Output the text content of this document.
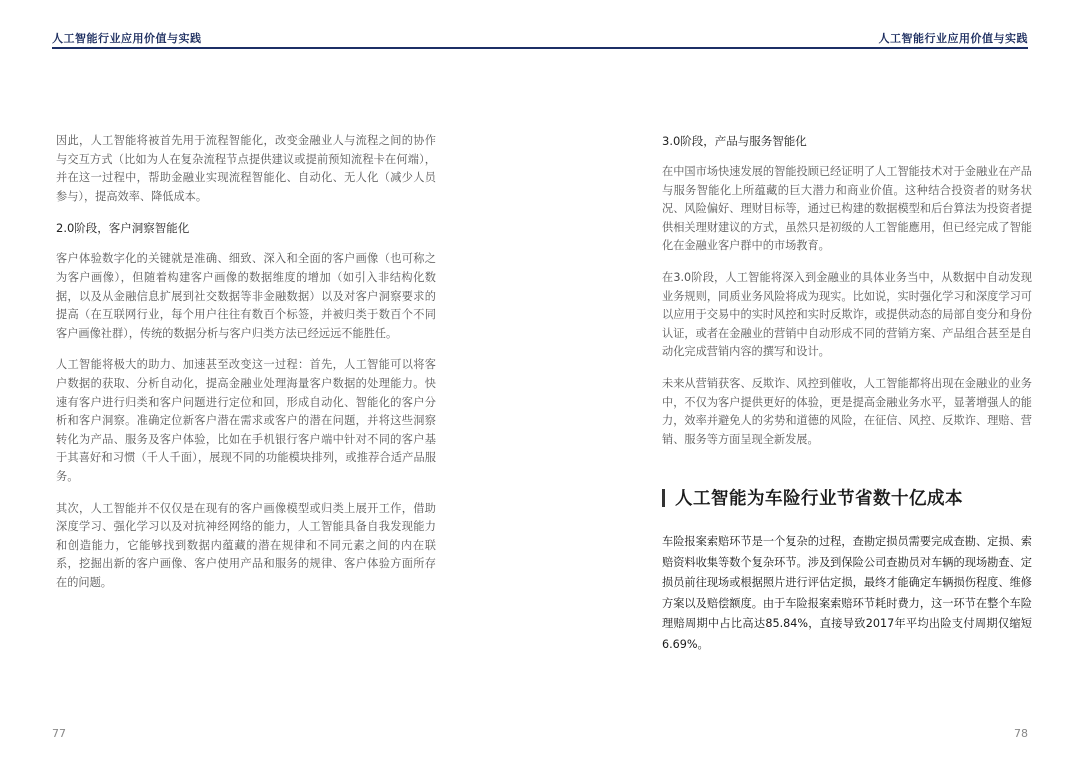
人工智能行业应用价值与实践

因此，人工智能将被首先用于流程智能化，改变金融业人与流程之间的协作与交互方式（比如为人在复杂流程节点提供建议或提前预知流程卡在何端），并在这一过程中，帮助金融业实现流程智能化、自动化、无人化（减少人员参与），提高效率、降低成本。

2.0阶段，客户洞察智能化

客户体验数字化的关键就是准确、细致、深入和全面的客户画像（也可称之为客户画像），但随着构建客户画像的数据维度的增加（如引入非结构化数据，以及从金融信息扩展到社交数据等非金融数据）以及对客户洞察要求的提高（在互联网行业，每个用户往往有数百个标签，并被归类于数百个不同客户画像社群），传统的数据分析与客户归类方法已经远远不能胜任。

人工智能将极大的助力、加速甚至改变这一过程：首先，人工智能可以将客户数据的获取、分析自动化，提高金融业处理海量客户数据的处理能力。快速有客户进行归类和客户问题进行定位和回，形成自动化、智能化的客户分析和客户洞察。准确定位新客户潜在需求或客户的潜在问题，并将这些洞察转化为产品、服务及客户体验，比如在手机银行客户端中针对不同的客户基于其喜好和习惯（千人千面），展现不同的功能模块排列，或推荐合适产品服务。

其次，人工智能并不仅仅是在现有的客户画像模型或归类上展开工作，借助深度学习、强化学习以及对抗神经网络的能力，人工智能具备自我发现能力和创造能力，它能够找到数据内蕴藏的潜在规律和不同元素之间的内在联系，挖掘出新的客户画像、客户使用产品和服务的规律、客户体验方面所存在的问题。

77
人工智能行业应用价值与实践
3.0阶段，产品与服务智能化

在中国市场快速发展的智能投顾已经证明了人工智能技术对于金融业在产品与服务智能化上所蕴藏的巨大潜力和商业价值。这种结合投资者的财务状况、风险偏好、理财目标等，通过已构建的数据模型和后台算法为投资者提供相关理财建议的方式，虽然只是初级的人工智能應用，但已经完成了智能化在金融业客户群中的市场教育。

在3.0阶段，人工智能将深入到金融业的具体业务当中，从数据中自动发现业务规则，同质业务风险将成为现实。比如说，实时强化学习和深度学习可以应用于交易中的实时风控和实时反欺诈，或提供动态的局部自变分和身份认证，或者在金融业的营销中自动形成不同的营销方案、产品组合甚至是自动化完成营销内容的撰写和设计。

未来从营销获客、反欺诈、风控到催收，人工智能都将出现在金融业的业务中，不仅为客户提供更好的体验，更是提高金融业务水平，显著增强人的能力，效率并避免人的劣势和道德的风险，在征信、风控、反欺诈、理赔、营销、服务等方面呈现全新发展。

人工智能为车险行业节省数十亿成本

车险报案索赔环节是一个复杂的过程，查勘定损员需要完成查勘、定损、索赔资料收集等数个复杂环节。涉及到保险公司查勘员对车辆的现场勘查、定损员前往现场或根据照片进行评估定损，最终才能确定车辆损伤程度、维修方案以及赔偿额度。由于车险报案索赔环节耗时费力，这一环节在整个车险理赔周期中占比高达85.84%，直接导致2017年平均出险支付周期仅缩短6.69%。

78
